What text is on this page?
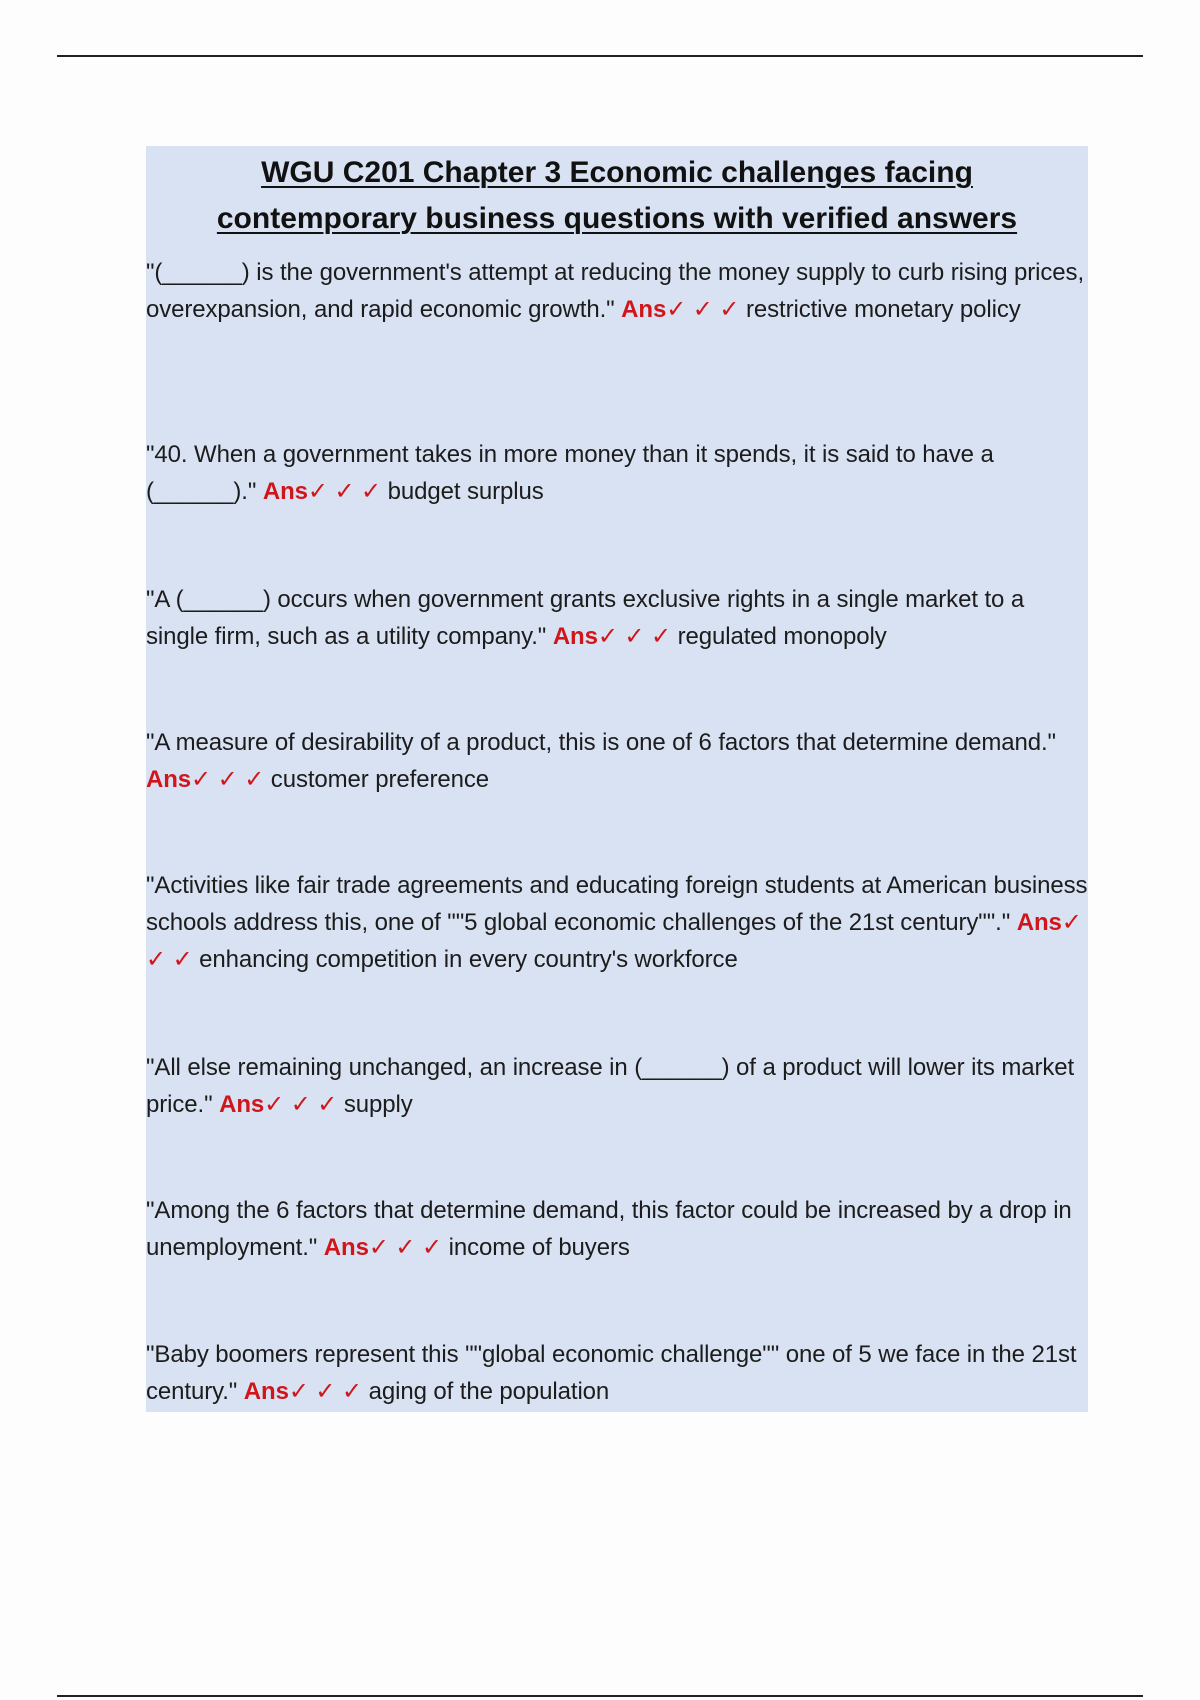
WGU C201 Chapter 3 Economic challenges facing
contemporary business questions with verified answers

"(______) is the government's attempt at reducing the money supply to curb rising prices, overexpansion, and rapid economic growth." Ans✓ ✓ ✓ restrictive monetary policy

"40. When a government takes in more money than it spends, it is said to have a (______)." Ans✓ ✓ ✓ budget surplus

"A (______) occurs when government grants exclusive rights in a single market to a single firm, such as a utility company." Ans✓ ✓ ✓ regulated monopoly

"A measure of desirability of a product, this is one of 6 factors that determine demand." Ans✓ ✓ ✓ customer preference

"Activities like fair trade agreements and educating foreign students at American business schools address this, one of ""5 global economic challenges of the 21st century""." Ans✓ ✓ ✓ enhancing competition in every country's workforce

"All else remaining unchanged, an increase in (______) of a product will lower its market price." Ans✓ ✓ ✓ supply

"Among the 6 factors that determine demand, this factor could be increased by a drop in unemployment." Ans✓ ✓ ✓ income of buyers

"Baby boomers represent this ""global economic challenge"" one of 5 we face in the 21st century." Ans✓ ✓ ✓ aging of the population
